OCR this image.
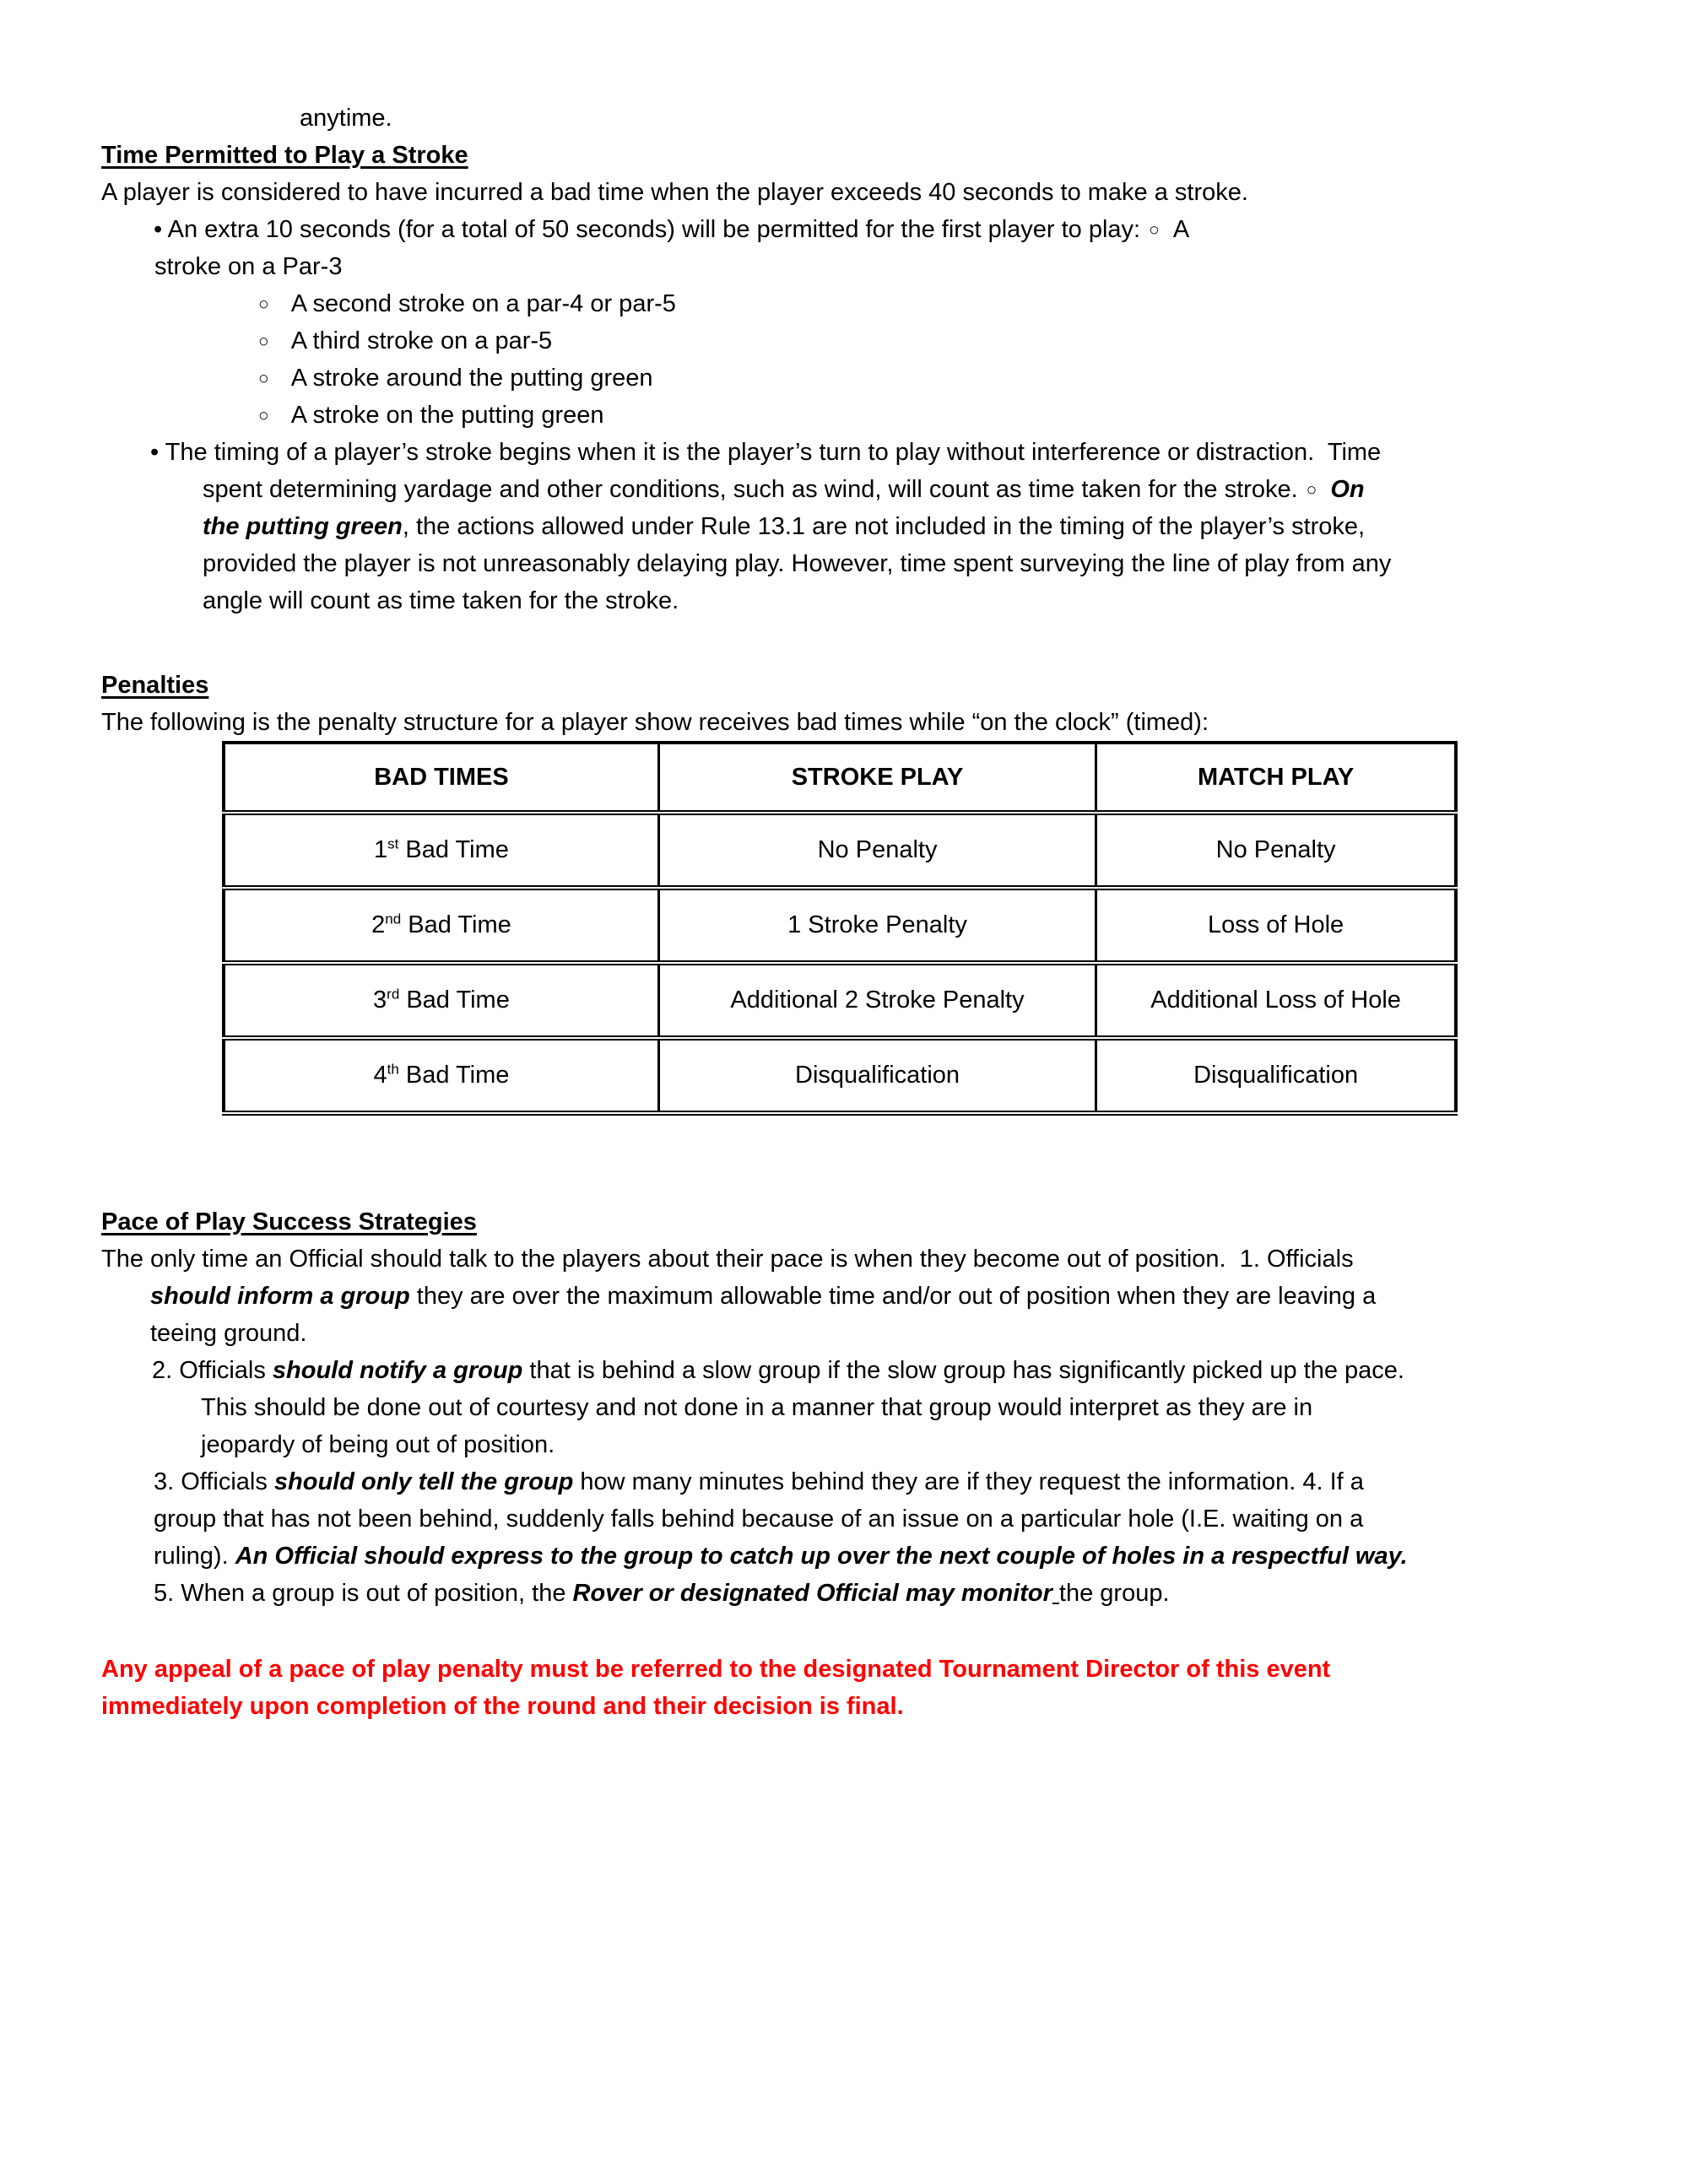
anytime.
Time Permitted to Play a Stroke
A player is considered to have incurred a bad time when the player exceeds 40 seconds to make a stroke.
• An extra 10 seconds (for a total of 50 seconds) will be permitted for the first player to play: ○ A
stroke on a Par-3
○ A second stroke on a par-4 or par-5
○ A third stroke on a par-5
○ A stroke around the putting green
○ A stroke on the putting green
• The timing of a player’s stroke begins when it is the player’s turn to play without interference or distraction.  Time
spent determining yardage and other conditions, such as wind, will count as time taken for the stroke. ○ On
the putting green, the actions allowed under Rule 13.1 are not included in the timing of the player’s stroke,
provided the player is not unreasonably delaying play. However, time spent surveying the line of play from any
angle will count as time taken for the stroke.
Penalties
The following is the penalty structure for a player show receives bad times while “on the clock” (timed):
BAD TIMES	STROKE PLAY	MATCH PLAY
1st Bad Time	No Penalty	No Penalty
2nd Bad Time	1 Stroke Penalty	Loss of Hole
3rd Bad Time	Additional 2 Stroke Penalty	Additional Loss of Hole
4th Bad Time	Disqualification	Disqualification
Pace of Play Success Strategies
The only time an Official should talk to the players about their pace is when they become out of position.  1. Officials
should inform a group they are over the maximum allowable time and/or out of position when they are leaving a
teeing ground.
2. Officials should notify a group that is behind a slow group if the slow group has significantly picked up the pace.
This should be done out of courtesy and not done in a manner that group would interpret as they are in
jeopardy of being out of position.
3. Officials should only tell the group how many minutes behind they are if they request the information. 4. If a
group that has not been behind, suddenly falls behind because of an issue on a particular hole (I.E. waiting on a
ruling). An Official should express to the group to catch up over the next couple of holes in a respectful way.
5. When a group is out of position, the Rover or designated Official may monitor the group.
Any appeal of a pace of play penalty must be referred to the designated Tournament Director of this event
immediately upon completion of the round and their decision is final.
